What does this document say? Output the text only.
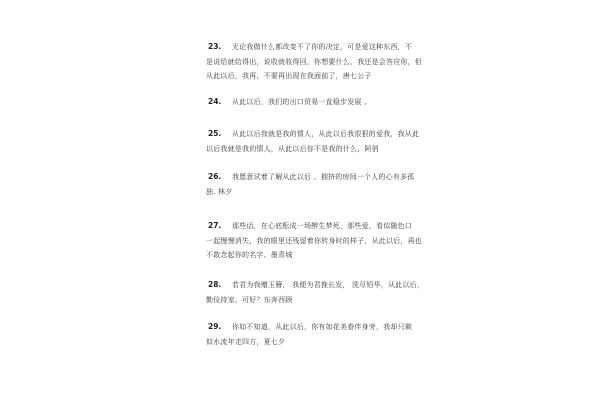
23. 无论我做什么都改变不了你的决定，可是爱这种东西，不
是说给就给得出，说收就收得回，你想要什么，我还是会答应你，但
从此以后，我再，不要再出现在我面前了，唐七公子
24. 从此以后，我们的出口贸易一直稳步发展 。
25. 从此以后我就是我的情人，从此以后我很狠的爱我，我从此
以后我就是我的情人，从此以后你不是我的什么，阿俏
26. 我愿意试着了解从此以后 、拥挤的房间一个人的心有多孤
独. 林夕
27. 那些话，在心底酝成一场醉生梦死，那些爱，看似随色口
一起慢慢消失，我的眼里还残留着你转身时的样子，从此以后，再也
不敢念起你的名字、墨青城
28. 若君为我赠玉簪， 我便为君挽长发， 洗尽铅华，从此以后，
勤俭持家，可好？东奔西顾
29. 你如不知道，从此以后，你有如花美眷伴身旁，我却只剩
似水流年走四方，夏七夕
